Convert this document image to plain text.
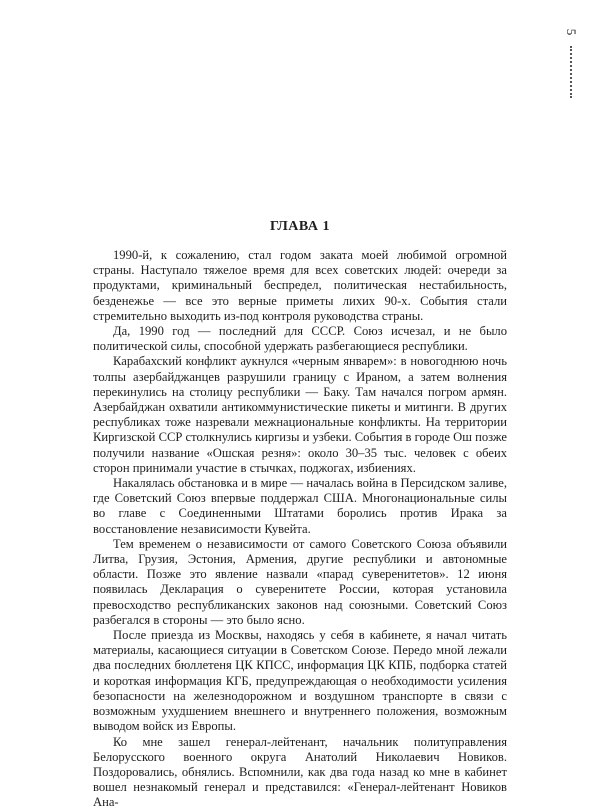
5
ГЛАВА 1

1990-й, к сожалению, стал годом заката моей любимой огромной страны. Наступало тяжелое время для всех советских людей: очереди за продуктами, криминальный беспредел, политическая нестабильность, безденежье — все это верные приметы лихих 90-х. События стали стремительно выходить из-под контроля руководства страны.

Да, 1990 год — последний для СССР. Союз исчезал, и не было политической силы, способной удержать разбегающиеся республики.

Карабахский конфликт аукнулся «черным январем»: в новогоднюю ночь толпы азербайджанцев разрушили границу с Ираном, а затем волнения перекинулись на столицу республики — Баку. Там начался погром армян. Азербайджан охватили антикоммунистические пикеты и митинги. В других республиках тоже назревали межнациональные конфликты. На территории Киргизской ССР столкнулись киргизы и узбеки. События в городе Ош позже получили название «Ошская резня»: около 30–35 тыс. человек с обеих сторон принимали участие в стычках, поджогах, избиениях.

Накалялась обстановка и в мире — началась война в Персидском заливе, где Советский Союз впервые поддержал США. Многонациональные силы во главе с Соединенными Штатами боролись против Ирака за восстановление независимости Кувейта.

Тем временем о независимости от самого Советского Союза объявили Литва, Грузия, Эстония, Армения, другие республики и автономные области. Позже это явление назвали «парад суверенитетов». 12 июня появилась Декларация о суверенитете России, которая установила превосходство республиканских законов над союзными. Советский Союз разбегался в стороны — это было ясно.

После приезда из Москвы, находясь у себя в кабинете, я начал читать материалы, касающиеся ситуации в Советском Союзе. Передо мной лежали два последних бюллетеня ЦК КПСС, информация ЦК КПБ, подборка статей и короткая информация КГБ, предупреждающая о необходимости усиления безопасности на железнодорожном и воздушном транспорте в связи с возможным ухудшением внешнего и внутреннего положения, возможным выводом войск из Европы.

Ко мне зашел генерал-лейтенант, начальник политуправления Белорусского военного округа Анатолий Николаевич Новиков. Поздоровались, обнялись. Вспомнили, как два года назад ко мне в кабинет вошел незнакомый генерал и представился: «Генерал-лейтенант Новиков Ана-
